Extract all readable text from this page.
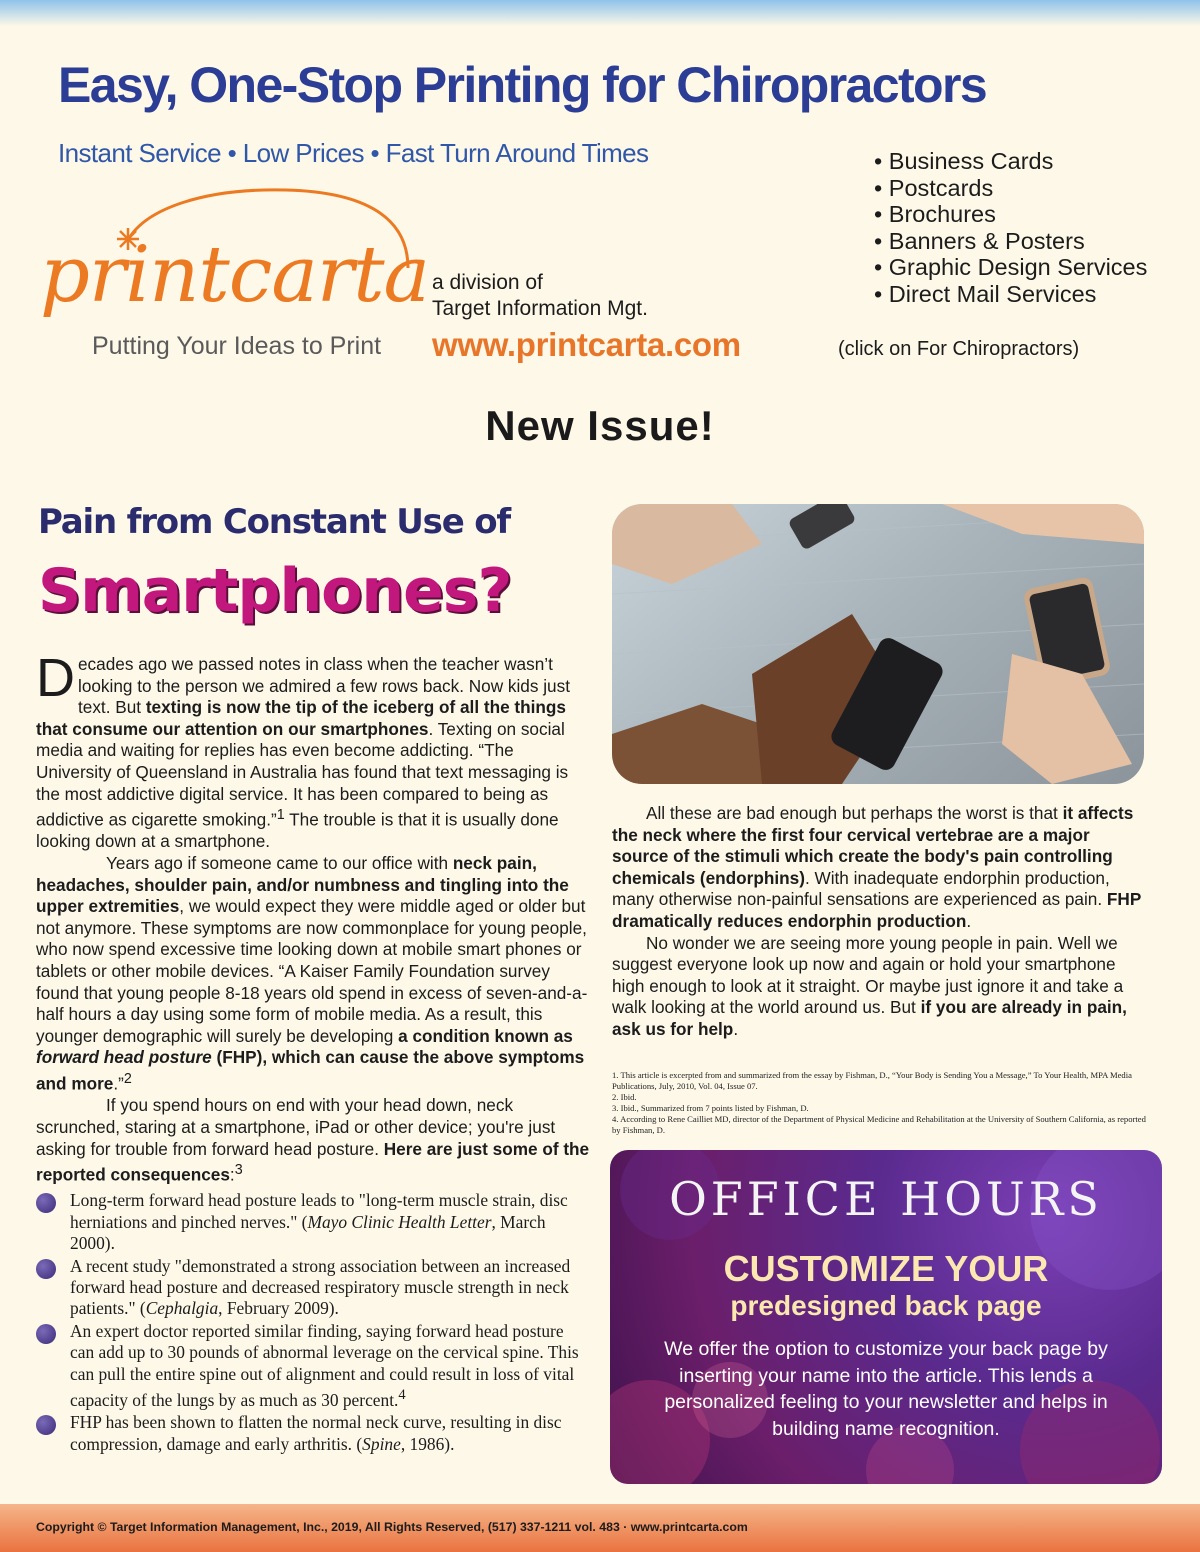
Easy, One-Stop Printing for Chiropractors
Instant Service • Low Prices • Fast Turn Around Times
•	Business Cards
• Postcards
• Brochures
• Banners & Posters
• Graphic Design Services
• Direct Mail Services
printcarta
Putting Your Ideas to Print
a division of
Target Information Mgt.
www.printcarta.com	(click on For Chiropractors)
New Issue!
Pain from Constant Use of
Smartphones?

Decades ago we passed notes in class when the teacher wasn’t looking to the person we admired a few rows back. Now kids just text. But texting is now the tip of the iceberg of all the things that consume our attention on our smartphones. Texting on social media and waiting for replies has even become addicting. “The University of Queensland in Australia has found that text messaging is the most addictive digital service. It has been compared to being as addictive as cigarette smoking.”$^1$ The trouble is that it is usually done looking down at a smartphone.

Years ago if someone came to our office with neck pain, headaches, shoulder pain, and/or numbness and tingling into the upper extremities, we would expect they were middle aged or older but not anymore. These symptoms are now commonplace for young people, who now spend excessive time looking down at mobile smart phones or tablets or other mobile devices. “A Kaiser Family Foundation survey found that young people 8-18 years old spend in excess of seven-and-a-half hours a day using some form of mobile media. As a result, this younger demographic will surely be developing a condition known as forward head posture (FHP), which can cause the above symptoms and more.”$^2$

If you spend hours on end with your head down, neck scrunched, staring at a smartphone, iPad or other device; you're just asking for trouble from forward head posture. Here are just some of the reported consequences:$^3$

Long-term forward head posture leads to "long-term muscle strain, disc herniations and pinched nerves." (Mayo Clinic Health Letter, March 2000).
A recent study "demonstrated a strong association between an increased forward head posture and decreased respiratory muscle strength in neck patients." (Cephalgia, February 2009).
An expert doctor reported similar finding, saying forward head posture can add up to 30 pounds of abnormal leverage on the cervical spine. This can pull the entire spine out of alignment and could result in loss of vital capacity of the lungs by as much as 30 percent.$^4$
FHP has been shown to flatten the normal neck curve, resulting in disc compression, damage and early arthritis. (Spine, 1986).

All these are bad enough but perhaps the worst is that it affects the neck where the first four cervical vertebrae are a major source of the stimuli which create the body's pain controlling chemicals (endorphins). With inadequate endorphin production, many otherwise non-painful sensations are experienced as pain. FHP dramatically reduces endorphin production.

No wonder we are seeing more young people in pain. Well we suggest everyone look up now and again or hold your smartphone high enough to look at it straight. Or maybe just ignore it and take a walk looking at the world around us. But if you are already in pain, ask us for help.

1. This article is excerpted from and summarized from the essay by Fishman, D., “Your Body is Sending You a Message,” To Your Health, MPA Media Publications, July, 2010, Vol. 04, Issue 07.
2. Ibid.
3. Ibid., Summarized from 7 points listed by Fishman, D.
4. According to Rene Cailliet MD, director of the Department of Physical Medicine and Rehabilitation at the University of Southern California, as reported by Fishman, D.
OFFICE HOURS
CUSTOMIZE YOUR
predesigned back page
We offer the option to customize your back page by inserting your name into the article. This lends a personalized feeling to your newsletter and helps in building name recognition.
Copyright © Target Information Management, Inc., 2019, All Rights Reserved, (517) 337-1211 vol. 483 · www.printcarta.com
